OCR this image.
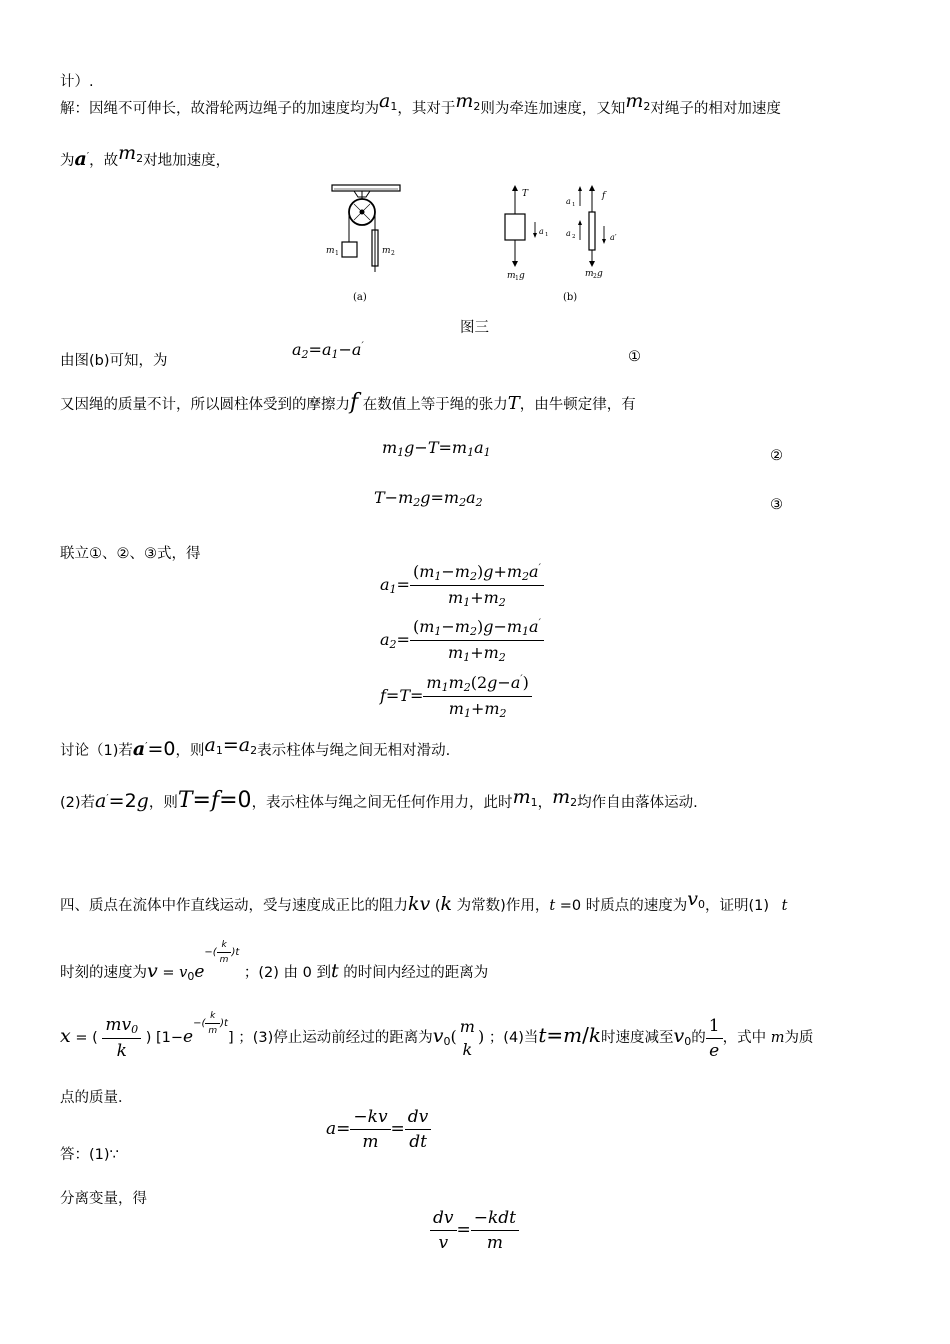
计）.
解：因绳不可伸长，故滑轮两边绳子的加速度均为$a_1$，其对于$m_2$则为牵连加速度，又知$m_2$对绳子的相对加速度
为a′，故$m_2$对地加速度，
m 1	m 2
(a)
T
m 1 g
a 1
f
m 2 g
a 1
a 2	a′
(b)
图三
由图(b)可知，为
$a_2=a_1-a'$
①
又因绳的质量不计，所以圆柱体受到的摩擦力f 在数值上等于绳的张力T，由牛顿定律，有
$m_1g-T=m_1a_1$	②
$T-m_2g=m_2a_2$	③
联立①、②、③式，得
$a_1= \frac{(m_1-m_2)g+m_2a'}{m_1+m_2}$
$a_2= \frac{(m_1-m_2)g-m_1a'}{m_1+m_2}$
$f=T= \frac{m_1m_2(2g-a')}{m_1+m_2}$
讨论（1)若a′=0，则$a_1=a_2$表示柱体与绳之间无相对滑动.
(2)若a′=2g，则T=f=0，表示柱体与绳之间无任何作用力，此时$m_1$，$m_2$均作自由落体运动.
四、质点在流体中作直线运动，受与速度成正比的阻力kv (k 为常数)作用，t =0 时质点的速度为$v_0$，证明(1) t
时刻的速度为$v = v_0e^{-( \frac{k}{m} )t}$ ；(2) 由 0 到t 的时间内经过的距离为
x = ( $\frac{mv_0}{k}$ ) $[1-e^{-( \frac{k}{m} )t}]$ ；(3)停止运动前经过的距离为$v_0$(
m
k
) ；(4)当t=m/k时速度减至$v_0$的 $\frac{1}{e}$ ，式中 m为质
点的质量．
答：(1)∵
$a= \frac{-kv}{m} = \frac{dv}{dt}$
分离变量，得
$\frac{dv}{v} = \frac{\text{−kdt}}{m}$
